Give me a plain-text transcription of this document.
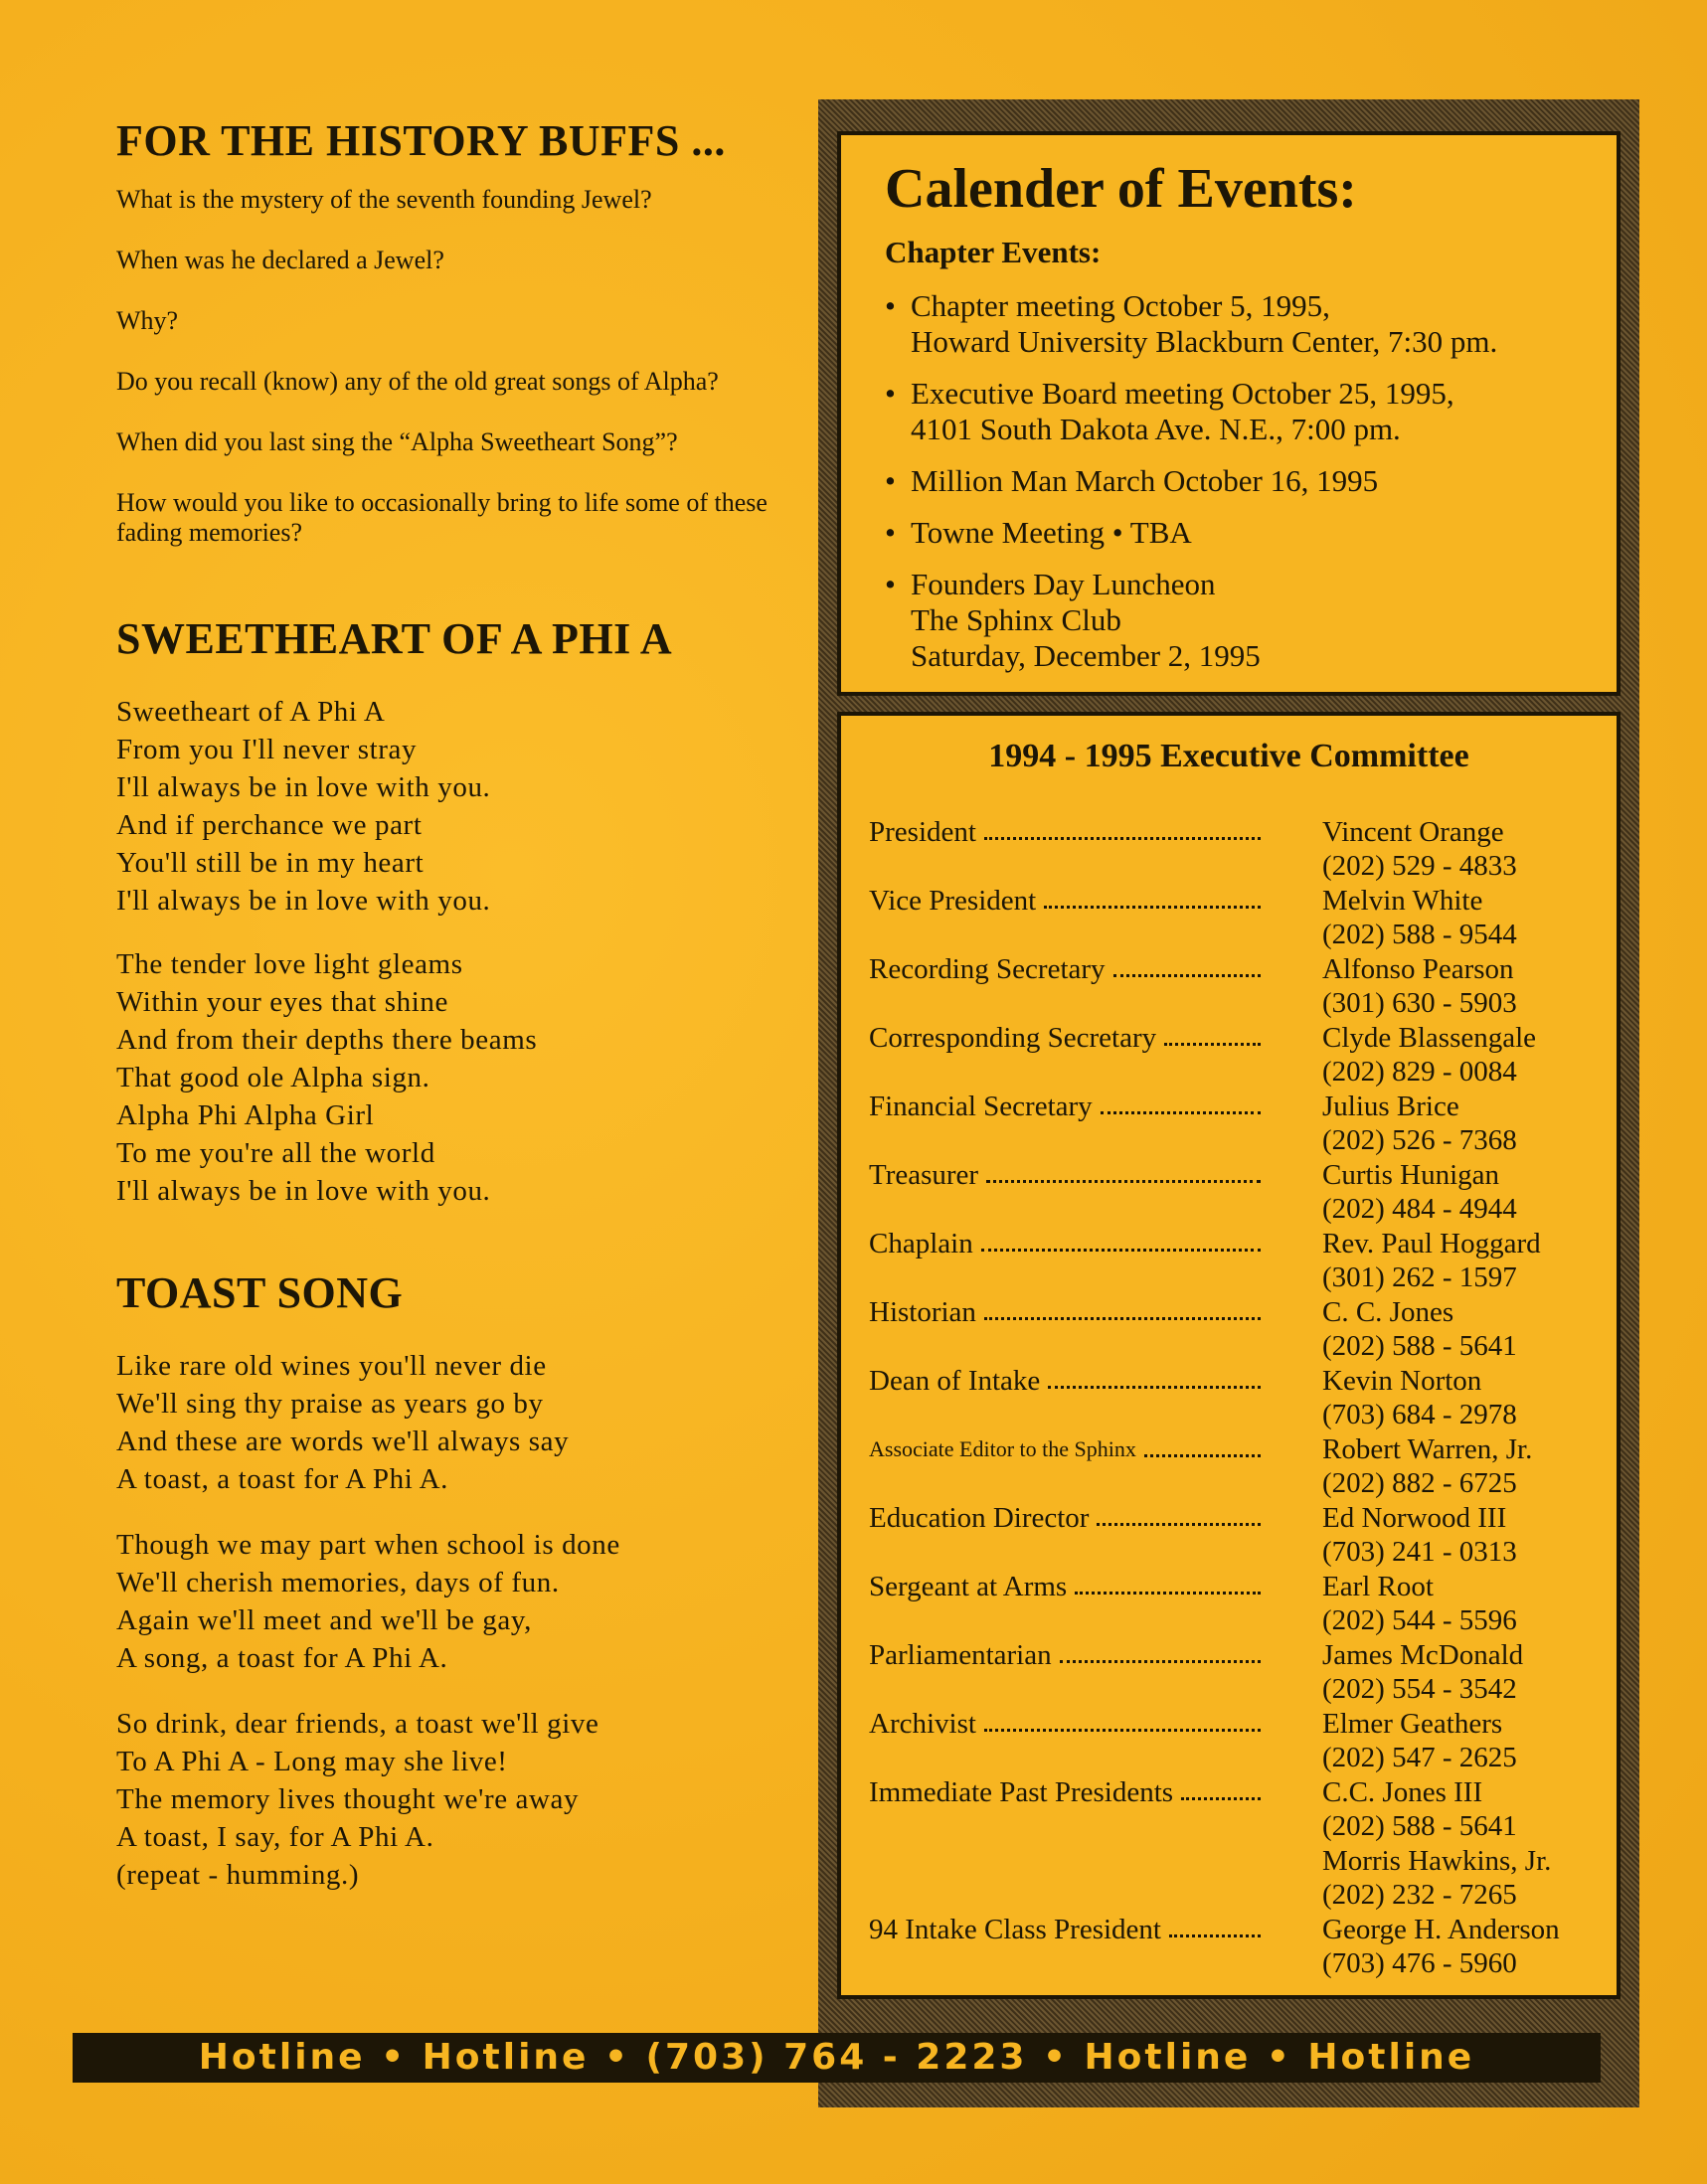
FOR THE HISTORY BUFFS ...

What is the mystery of the seventh founding Jewel?

When was he declared a Jewel?

Why?

Do you recall (know) any of the old great songs of Alpha?

When did you last sing the “Alpha Sweetheart Song”?

How would you like to occasionally bring to life some of these fading memories?

SWEETHEART OF A PHI A

Sweetheart of A Phi A

From you I'll never stray

I'll always be in love with you.

And if perchance we part

You'll still be in my heart

I'll always be in love with you.

The tender love light gleams

Within your eyes that shine

And from their depths there beams

That good ole Alpha sign.

Alpha Phi Alpha Girl

To me you're all the world

I'll always be in love with you.

TOAST SONG

Like rare old wines you'll never die

We'll sing thy praise as years go by

And these are words we'll always say

A toast, a toast for A Phi A.

Though we may part when school is done

We'll cherish memories, days of fun.

Again we'll meet and we'll be gay,

A song, a toast for A Phi A.

So drink, dear friends, a toast we'll give

To A Phi A - Long may she live!

The memory lives thought we're away

A toast, I say, for A Phi A.

(repeat - humming.)

Calender of Events:
Chapter Events:
• Chapter meeting October 5, 1995,
Howard University Blackburn Center, 7:30 pm.
• Executive Board meeting October 25, 1995,
4101 South Dakota Ave. N.E., 7:00 pm.
• Million Man March October 16, 1995
• Towne Meeting • TBA
• Founders Day Luncheon
The Sphinx Club
Saturday, December 2, 1995
1994 - 1995 Executive Committee
President	Vincent Orange
(202) 529 - 4833
Vice President	Melvin White
(202) 588 - 9544
Recording Secretary	Alfonso Pearson
(301) 630 - 5903
Corresponding Secretary	Clyde Blassengale
(202) 829 - 0084
Financial Secretary	Julius Brice
(202) 526 - 7368
Treasurer	Curtis Hunigan
(202) 484 - 4944
Chaplain	Rev. Paul Hoggard
(301) 262 - 1597
Historian	C. C. Jones
(202) 588 - 5641
Dean of Intake	Kevin Norton
(703) 684 - 2978
Associate Editor to the Sphinx	Robert Warren, Jr.
(202) 882 - 6725
Education Director	Ed Norwood III
(703) 241 - 0313
Sergeant at Arms	Earl Root
(202) 544 - 5596
Parliamentarian	James McDonald
(202) 554 - 3542
Archivist	Elmer Geathers
(202) 547 - 2625
Immediate Past Presidents	C.C. Jones III
(202) 588 - 5641
Morris Hawkins, Jr.
(202) 232 - 7265
94 Intake Class President	George H. Anderson
(703) 476 - 5960
Hotline • Hotline • (703) 764 - 2223 • Hotline • Hotline
